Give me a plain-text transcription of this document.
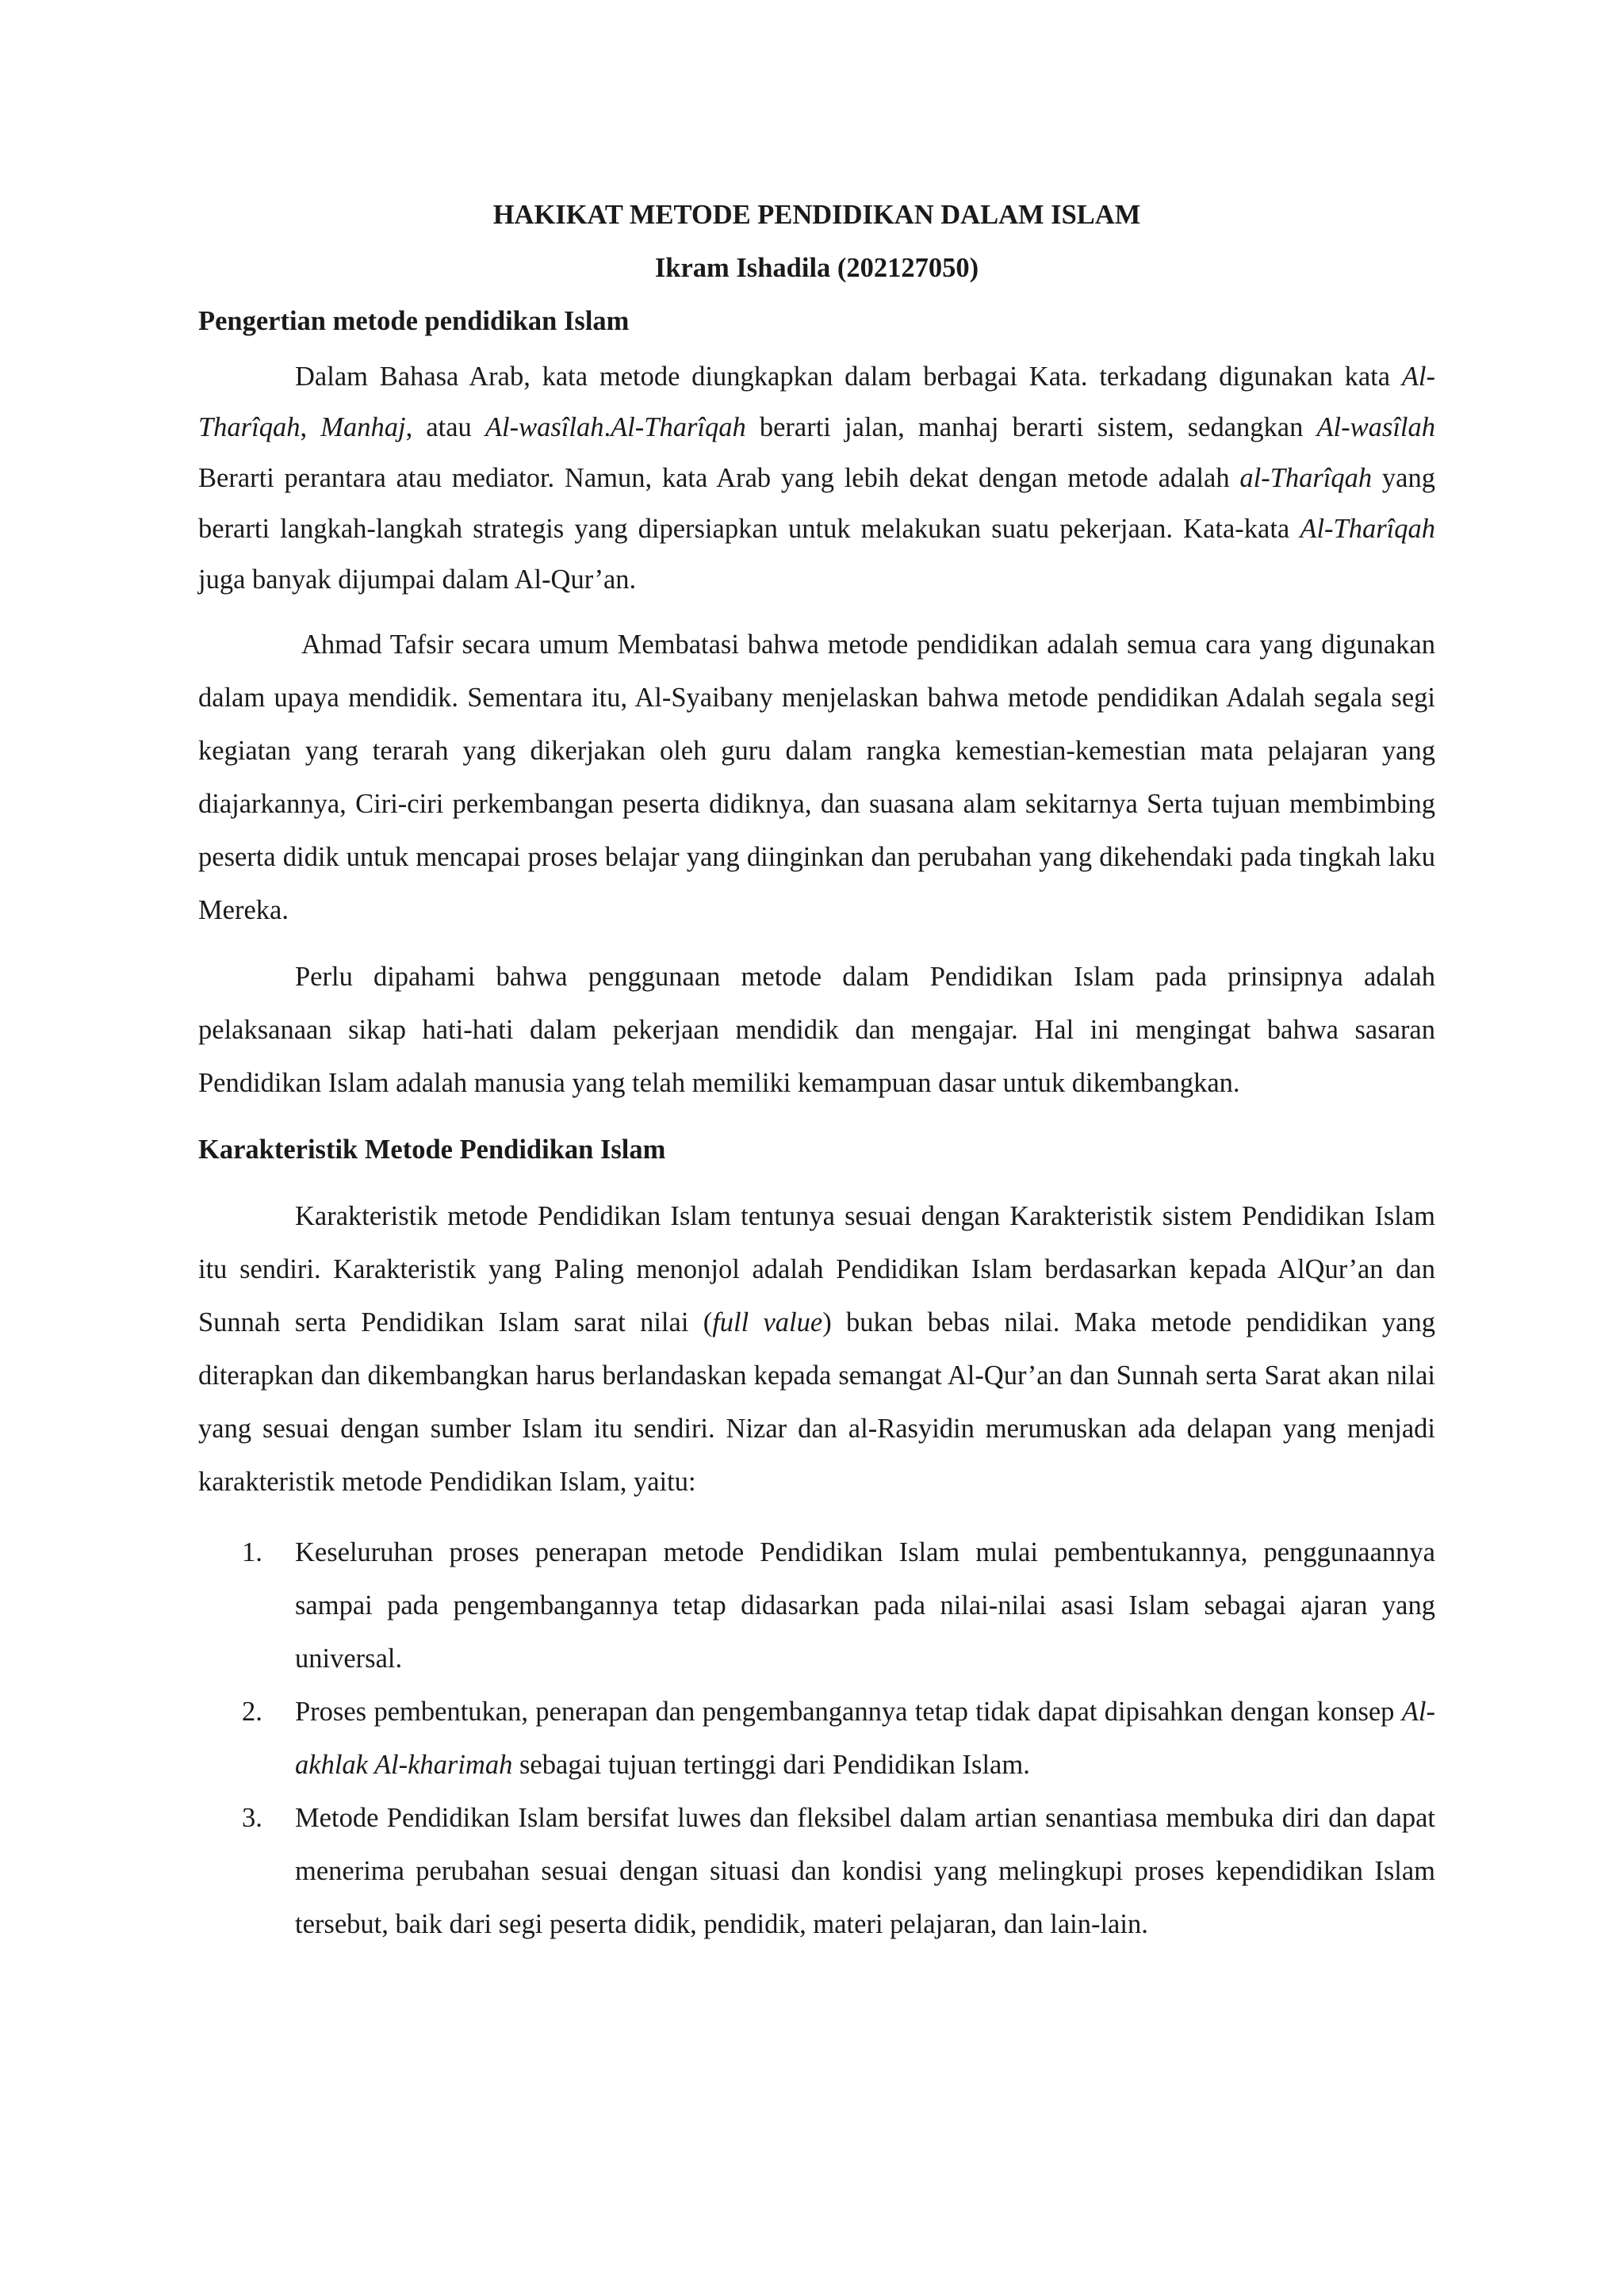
HAKIKAT METODE PENDIDIKAN DALAM ISLAM
Ikram Ishadila (202127050)
Pengertian metode pendidikan Islam

Dalam Bahasa Arab, kata metode diungkapkan dalam berbagai Kata. terkadang digunakan kata Al-Tharîqah, Manhaj, atau Al-wasîlah.Al-Tharîqah berarti jalan, manhaj berarti sistem, sedangkan Al-wasîlah Berarti perantara atau mediator. Namun, kata Arab yang lebih dekat dengan metode adalah al-Tharîqah yang berarti langkah-langkah strategis yang dipersiapkan untuk melakukan suatu pekerjaan. Kata-kata Al-Tharîqah juga banyak dijumpai dalam Al-Qur’an.

Ahmad Tafsir secara umum Membatasi bahwa metode pendidikan adalah semua cara yang digunakan dalam upaya mendidik. Sementara itu, Al-Syaibany menjelaskan bahwa metode pendidikan Adalah segala segi kegiatan yang terarah yang dikerjakan oleh guru dalam rangka kemestian-kemestian mata pelajaran yang diajarkannya, Ciri-ciri perkembangan peserta didiknya, dan suasana alam sekitarnya Serta tujuan membimbing peserta didik untuk mencapai proses belajar yang diinginkan dan perubahan yang dikehendaki pada tingkah laku Mereka.

Perlu dipahami bahwa penggunaan metode dalam Pendidikan Islam pada prinsipnya adalah pelaksanaan sikap hati-hati dalam pekerjaan mendidik dan mengajar. Hal ini mengingat bahwa sasaran Pendidikan Islam adalah manusia yang telah memiliki kemampuan dasar untuk dikembangkan.

Karakteristik Metode Pendidikan Islam

Karakteristik metode Pendidikan Islam tentunya sesuai dengan Karakteristik sistem Pendidikan Islam itu sendiri. Karakteristik yang Paling menonjol adalah Pendidikan Islam berdasarkan kepada AlQur’an dan Sunnah serta Pendidikan Islam sarat nilai (full value) bukan bebas nilai. Maka metode pendidikan yang diterapkan dan dikembangkan harus berlandaskan kepada semangat Al-Qur’an dan Sunnah serta Sarat akan nilai yang sesuai dengan sumber Islam itu sendiri. Nizar dan al-Rasyidin merumuskan ada delapan yang menjadi karakteristik metode Pendidikan Islam, yaitu:

1.	Keseluruhan proses penerapan metode Pendidikan Islam mulai pembentukannya, penggunaannya sampai pada pengembangannya tetap didasarkan pada nilai-nilai asasi Islam sebagai ajaran yang universal.
2.	Proses pembentukan, penerapan dan pengembangannya tetap tidak dapat dipisahkan dengan konsep Al-akhlak Al-kharimah sebagai tujuan tertinggi dari Pendidikan Islam.
3.	Metode Pendidikan Islam bersifat luwes dan fleksibel dalam artian senantiasa membuka diri dan dapat menerima perubahan sesuai dengan situasi dan kondisi yang melingkupi proses kependidikan Islam tersebut, baik dari segi peserta didik, pendidik, materi pelajaran, dan lain-lain.
